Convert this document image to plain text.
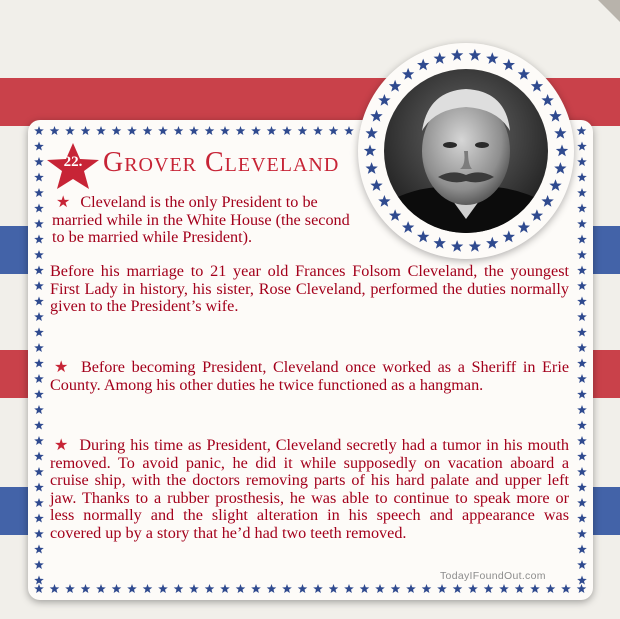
22. Grover Cleveland

★ Cleveland is the only President to be married while in the White House (the second to be married while President).

Before his marriage to 21 year old Frances Folsom Cleveland, the youngest First Lady in history, his sister, Rose Cleveland, performed the duties normally given to the President’s wife.

★ Before becoming President, Cleveland once worked as a Sheriff in Erie County. Among his other duties he twice functioned as a hangman.

★ During his time as President, Cleveland secretly had a tumor in his mouth removed. To avoid panic, he did it while supposedly on vacation aboard a cruise ship, with the doctors removing parts of his hard palate and upper left jaw. Thanks to a rubber prosthesis, he was able to continue to speak more or less normally and the slight alteration in his speech and appearance was covered up by a story that he’d had two teeth removed.

TodayIFoundOut.com
